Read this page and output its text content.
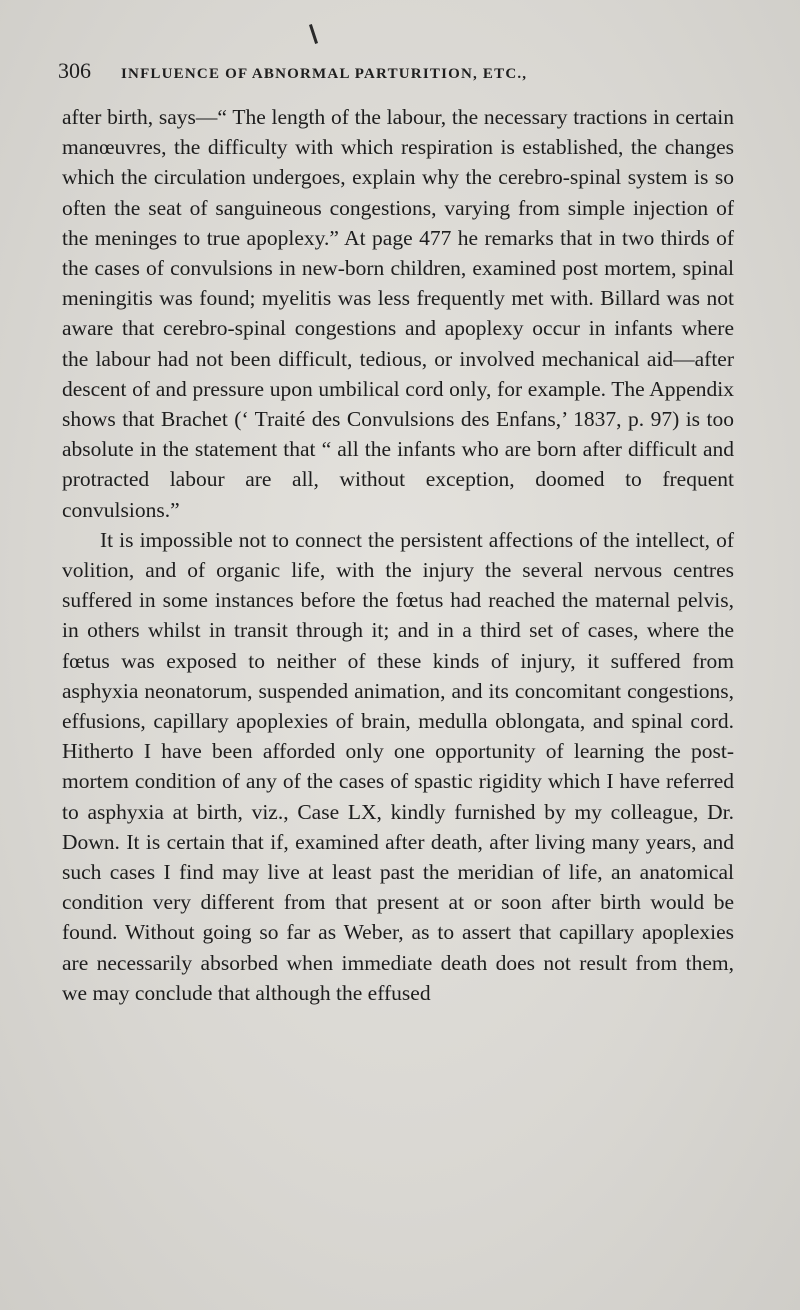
306 INFLUENCE OF ABNORMAL PARTURITION, ETC.,

after birth, says—“ The length of the labour, the necessary tractions in certain manœuvres, the difficulty with which respiration is established, the changes which the circulation undergoes, explain why the cerebro-spinal system is so often the seat of sanguineous congestions, varying from simple injection of the meninges to true apoplexy.” At page 477 he remarks that in two thirds of the cases of convulsions in new-born children, examined post mortem, spinal meningitis was found; myelitis was less frequently met with. Billard was not aware that cerebro-spinal congestions and apoplexy occur in infants where the labour had not been difficult, tedious, or involved mechanical aid—after descent of and pressure upon umbilical cord only, for example. The Appendix shows that Brachet (‘ Traité des Convulsions des Enfans,’ 1837, p. 97) is too absolute in the statement that “ all the infants who are born after difficult and protracted labour are all, without exception, doomed to frequent convulsions.”

It is impossible not to connect the persistent affections of the intellect, of volition, and of organic life, with the injury the several nervous centres suffered in some instances before the fœtus had reached the maternal pelvis, in others whilst in transit through it; and in a third set of cases, where the fœtus was exposed to neither of these kinds of injury, it suffered from asphyxia neonatorum, suspended animation, and its concomitant congestions, effusions, capillary apoplexies of brain, medulla oblongata, and spinal cord. Hitherto I have been afforded only one opportunity of learning the post-mortem condition of any of the cases of spastic rigidity which I have referred to asphyxia at birth, viz., Case LX, kindly furnished by my colleague, Dr. Down. It is certain that if, examined after death, after living many years, and such cases I find may live at least past the meridian of life, an anatomical condition very different from that present at or soon after birth would be found. Without going so far as Weber, as to assert that capillary apoplexies are necessarily absorbed when immediate death does not result from them, we may conclude that although the effused
